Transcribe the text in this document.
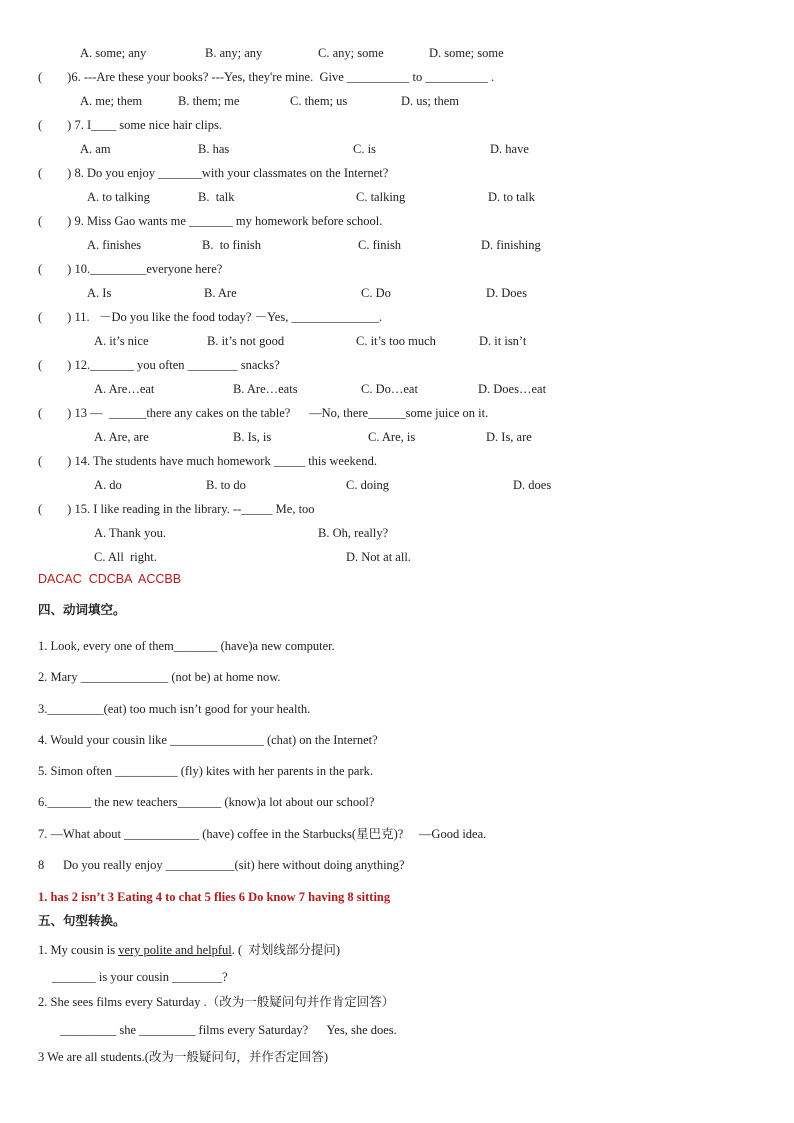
A. some; any	B. any; any	C. any; some	D. some; some
(        )6. ---Are these your books? ---Yes, they're mine.  Give __________ to __________ .
A. me; them	B. them; me	C. them; us	D. us; them
(        ) 7. I____ some nice hair clips.
A. am	B. has	C. is	D. have
(        ) 8. Do you enjoy _______with your classmates on the Internet?
A. to talking	B.  talk	C. talking	D. to talk
(        ) 9. Miss Gao wants me _______ my homework before school.
A. finishes	B.  to finish	C. finish	D. finishing
(        ) 10._________everyone here?
A. Is	B. Are	C. Do	D. Does
(        ) 11.   －Do you like the food today? －Yes, ______________.
A. it’s nice	B. it’s not good	C. it’s too much	D. it isn’t
(        ) 12._______ you often ________ snacks?
A. Are…eat	B. Are…eats	C. Do…eat	D. Does…eat
(        ) 13 —  ______there any cakes on the table?      —No, there______some juice on it.
A. Are, are	B. Is, is	C. Are, is	D. Is, are
(        ) 14. The students have much homework _____ this weekend.
A. do	B. to do	C. doing	D. does
(        ) 15. I like reading in the library. --_____ Me, too
A. Thank you.	B. Oh, really?
C. All  right.	D. Not at all.
DACAC  CDCBA  ACCBB
四、动词填空。
1. Look, every one of them_______ (have)a new computer.
2. Mary ______________ (not be) at home now.
3._________(eat) too much isn’t good for your health.
4. Would your cousin like _______________ (chat) on the Internet?
5. Simon often __________ (fly) kites with her parents in the park.
6._______ the new teachers_______ (know)a lot about our school?
7. —What about ____________ (have) coffee in the Starbucks(星巴克)?     —Good idea.
8      Do you really enjoy ___________(sit) here without doing anything?
1. has 2 isn’t 3 Eating 4 to chat 5 flies 6 Do know 7 having 8 sitting
五、句型转换。
1. My cousin is very polite and helpful. (  对划线部分提问)
_______ is your cousin ________?
2. She sees films every Saturday .（改为一般疑问句并作肯定回答）
_________ she _________ films every Saturday?      Yes, she does.
3 We are all students.(改为一般疑问句，并作否定回答)
